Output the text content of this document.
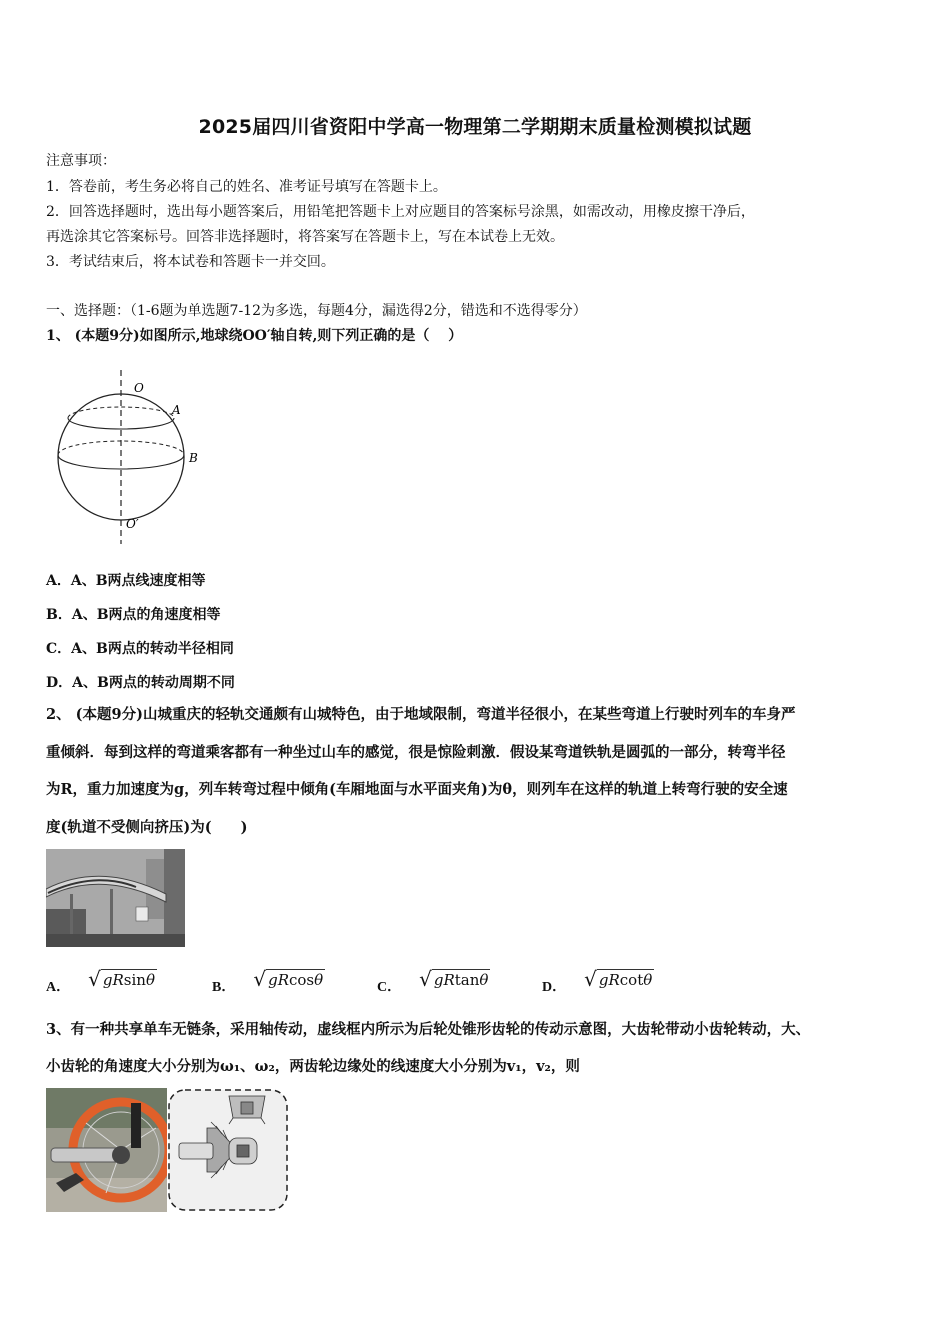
2025届四川省资阳中学高一物理第二学期期末质量检测模拟试题
注意事项：
1．答卷前，考生务必将自己的姓名、准考证号填写在答题卡上。
2．回答选择题时，选出每小题答案后，用铅笔把答题卡上对应题目的答案标号涂黑，如需改动，用橡皮擦干净后，
再选涂其它答案标号。回答非选择题时，将答案写在答题卡上，写在本试卷上无效。
3．考试结束后，将本试卷和答题卡一并交回。
一、选择题：（1-6题为单选题7-12为多选，每题4分，漏选得2分，错选和不选得零分）
1、 (本题9分)如图所示,地球绕OO′轴自转,则下列正确的是（　 ）
O
A
B
O′
A．A、B两点线速度相等
B．A、B两点的角速度相等
C．A、B两点的转动半径相同
D．A、B两点的转动周期不同
2、 (本题9分)山城重庆的轻轨交通颇有山城特色，由于地域限制，弯道半径很小，在某些弯道上行驶时列车的车身严
重倾斜．每到这样的弯道乘客都有一种坐过山车的感觉，很是惊险刺激．假设某弯道铁轨是圆弧的一部分，转弯半径
为R，重力加速度为g，列车转弯过程中倾角(车厢地面与水平面夹角)为θ，则列车在这样的轨道上转弯行驶的安全速
度(轨道不受侧向挤压)为(　　)
A． √ gRsinθ	B． √ gRcosθ	C． √ gRtanθ	D． √ gRcotθ
3、有一种共享单车无链条，采用轴传动，虚线框内所示为后轮处锥形齿轮的传动示意图，大齿轮带动小齿轮转动，大、
小齿轮的角速度大小分别为ω₁、ω₂，两齿轮边缘处的线速度大小分别为v₁，v₂，则
